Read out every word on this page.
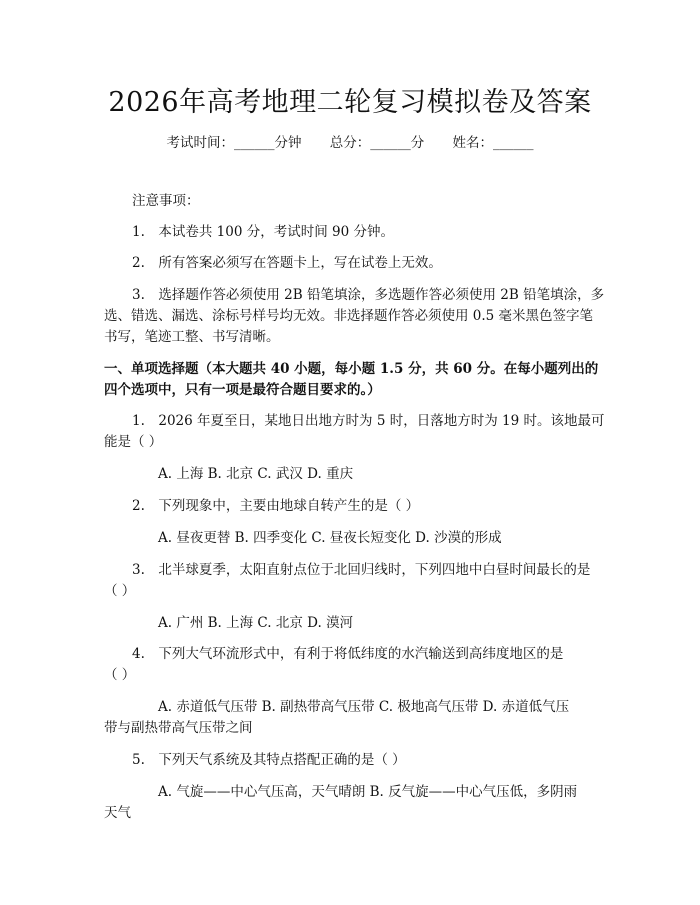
2026年高考地理二轮复习模拟卷及答案
考试时间：______分钟 总分：______分 姓名：______
注意事项：
1.　本试卷共 100 分，考试时间 90 分钟。
2.　所有答案必须写在答题卡上，写在试卷上无效。
3.　选择题作答必须使用 2B 铅笔填涂，多选题作答必须使用 2B 铅笔填涂，多
选、错选、漏选、涂标号样号均无效。非选择题作答必须使用 0.5 毫米黑色签字笔
书写，笔迹工整、书写清晰。
一、单项选择题（本大题共 40 小题，每小题 1.5 分，共 60 分。在每小题列出的
四个选项中，只有一项是最符合题目要求的。）
1.　2026 年夏至日，某地日出地方时为 5 时，日落地方时为 19 时。该地最可
能是（ ）
A. 上海 B. 北京 C. 武汉 D. 重庆
2.　下列现象中，主要由地球自转产生的是（ ）
A. 昼夜更替 B. 四季变化 C. 昼夜长短变化 D. 沙漠的形成
3.　北半球夏季，太阳直射点位于北回归线时，下列四地中白昼时间最长的是
（ ）
A. 广州 B. 上海 C. 北京 D. 漠河
4.　下列大气环流形式中，有利于将低纬度的水汽输送到高纬度地区的是
（ ）
A. 赤道低气压带 B. 副热带高气压带 C. 极地高气压带 D. 赤道低气压
带与副热带高气压带之间
5.　下列天气系统及其特点搭配正确的是（ ）
A. 气旋——中心气压高，天气晴朗 B. 反气旋——中心气压低，多阴雨
天气
